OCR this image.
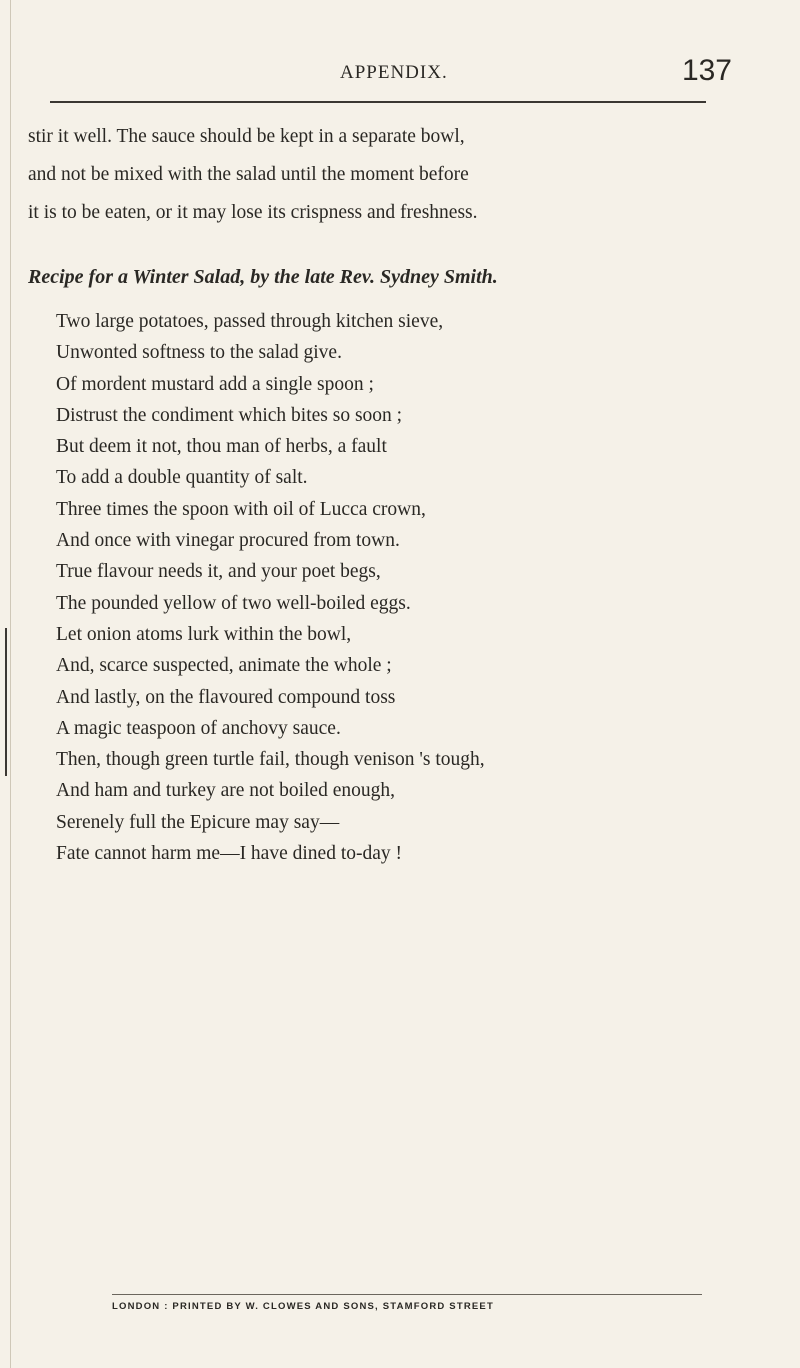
APPENDIX.	137

stir it well. The sauce should be kept in a separate bowl,
and not be mixed with the salad until the moment before
it is to be eaten, or it may lose its crispness and freshness.

Recipe for a Winter Salad, by the late Rev. Sydney Smith.
Two large potatoes, passed through kitchen sieve,
Unwonted softness to the salad give.
Of mordent mustard add a single spoon ;
Distrust the condiment which bites so soon ;
But deem it not, thou man of herbs, a fault
To add a double quantity of salt.
Three times the spoon with oil of Lucca crown,
And once with vinegar procured from town.
True flavour needs it, and your poet begs,
The pounded yellow of two well-boiled eggs.
Let onion atoms lurk within the bowl,
And, scarce suspected, animate the whole ;
And lastly, on the flavoured compound toss
A magic teaspoon of anchovy sauce.
Then, though green turtle fail, though venison 's tough,
And ham and turkey are not boiled enough,
Serenely full the Epicure may say—
Fate cannot harm me—I have dined to-day !
LONDON : PRINTED BY W. CLOWES AND SONS, STAMFORD STREET
